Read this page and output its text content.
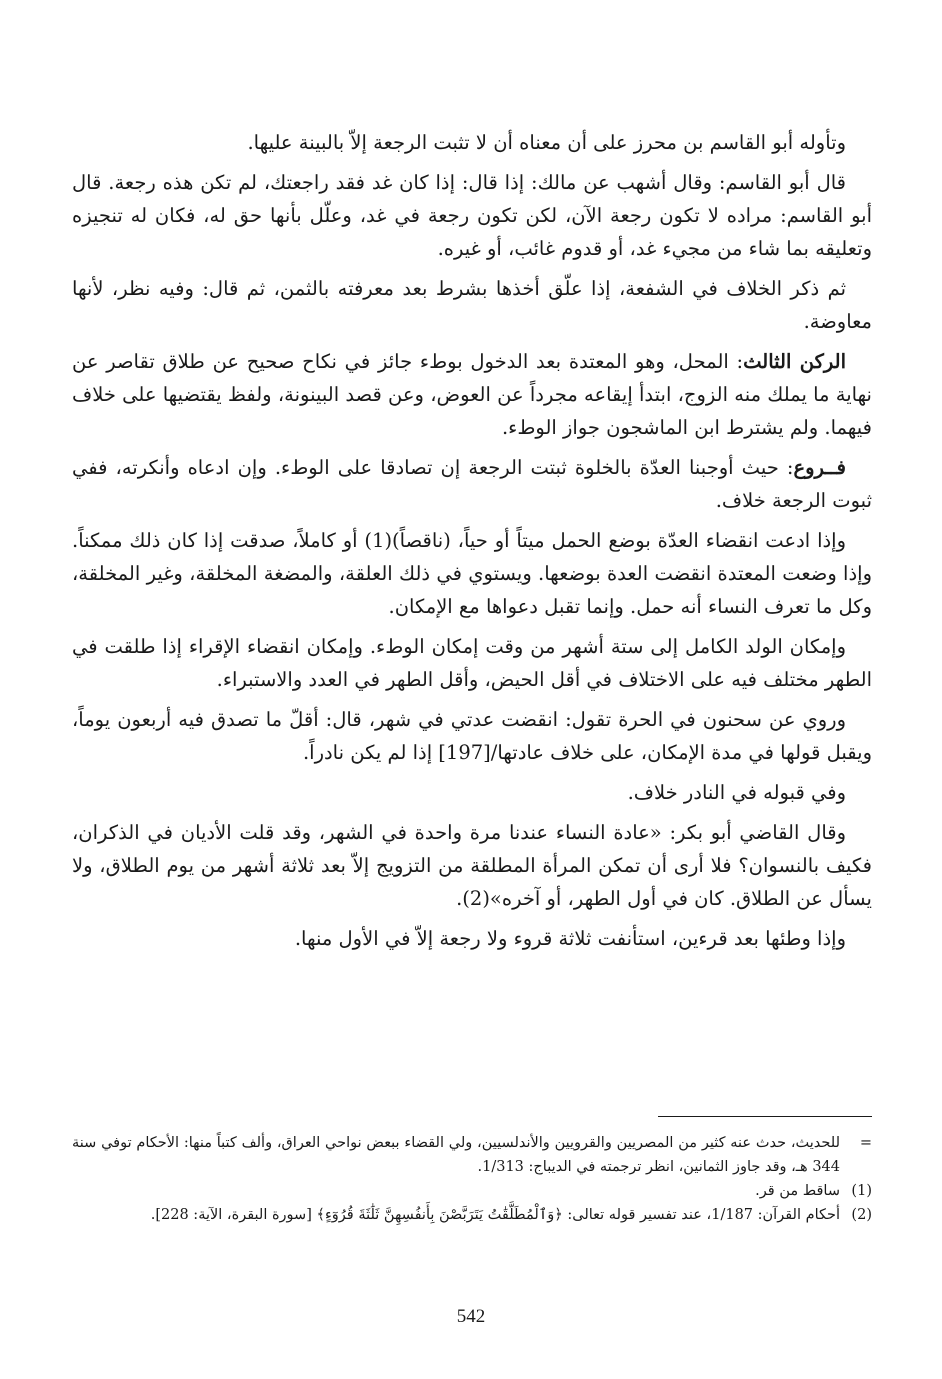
وتأوله أبو القاسم بن محرز على أن معناه أن لا تثبت الرجعة إلاّ بالبينة عليها.

قال أبو القاسم: وقال أشهب عن مالك: إذا قال: إذا كان غد فقد راجعتك، لم تكن هذه رجعة. قال أبو القاسم: مراده لا تكون رجعة الآن، لكن تكون رجعة في غد، وعلّل بأنها حق له، فكان له تنجيزه وتعليقه بما شاء من مجيء غد، أو قدوم غائب، أو غيره.

ثم ذكر الخلاف في الشفعة، إذا علّق أخذها بشرط بعد معرفته بالثمن، ثم قال: وفيه نظر، لأنها معاوضة.

الركن الثالث: المحل، وهو المعتدة بعد الدخول بوطء جائز في نكاح صحيح عن طلاق تقاصر عن نهاية ما يملك منه الزوج، ابتدأ إيقاعه مجرداً عن العوض، وعن قصد البينونة، ولفظ يقتضيها على خلاف فيهما. ولم يشترط ابن الماشجون جواز الوطء.

فــروع: حيث أوجبنا العدّة بالخلوة ثبتت الرجعة إن تصادقا على الوطء. وإن ادعاه وأنكرته، ففي ثبوت الرجعة خلاف.

وإذا ادعت انقضاء العدّة بوضع الحمل ميتاً أو حياً، (ناقصاً)(1) أو كاملاً، صدقت إذا كان ذلك ممكناً. وإذا وضعت المعتدة انقضت العدة بوضعها. ويستوي في ذلك العلقة، والمضغة المخلقة، وغير المخلقة، وكل ما تعرف النساء أنه حمل. وإنما تقبل دعواها مع الإمكان.

وإمكان الولد الكامل إلى ستة أشهر من وقت إمكان الوطء. وإمكان انقضاء الإقراء إذا طلقت في الطهر مختلف فيه على الاختلاف في أقل الحيض، وأقل الطهر في العدد والاستبراء.

وروي عن سحنون في الحرة تقول: انقضت عدتي في شهر، قال: أقلّ ما تصدق فيه أربعون يوماً، ويقبل قولها في مدة الإمكان، على خلاف عادتها/[197] إذا لم يكن نادراً.

وفي قبوله في النادر خلاف.

وقال القاضي أبو بكر: «عادة النساء عندنا مرة واحدة في الشهر، وقد قلت الأديان في الذكران، فكيف بالنسوان؟ فلا أرى أن تمكن المرأة المطلقة من التزويج إلاّ بعد ثلاثة أشهر من يوم الطلاق، ولا يسأل عن الطلاق. كان في أول الطهر، أو آخره»(2).

وإذا وطئها بعد قرءين، استأنفت ثلاثة قروء ولا رجعة إلاّ في الأول منها.

=
للحديث، حدث عنه كثير من المصريين والقرويين والأندلسيين، ولي القضاء ببعض نواحي العراق، وألف كتباً منها: الأحكام توفي سنة 344 هـ، وقد جاوز الثمانين، انظر ترجمته في الديباج: 1/313.

(1)
ساقط من قر.

(2)
أحكام القرآن: 1/187، عند تفسير قوله تعالى: ﴿وَٱلْمُطَلَّقَٰتُ يَتَرَبَّصْنَ بِأَنفُسِهِنَّ ثَلَٰثَةَ قُرُوٓءٍ﴾ [سورة البقرة، الآية: 228].

542
